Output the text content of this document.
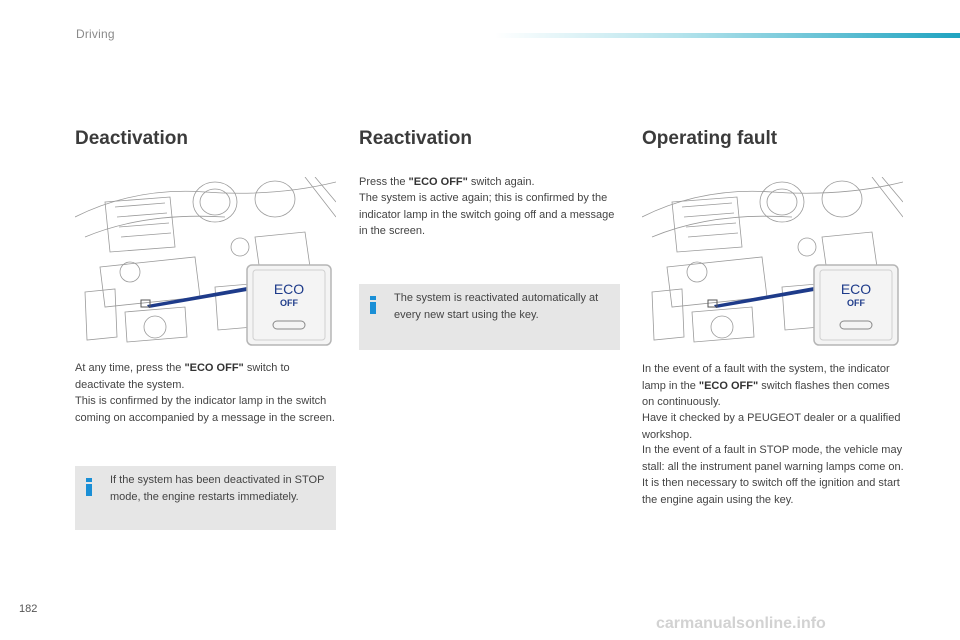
Driving
Deactivation
ECO
OFF
At any time, press the "ECO OFF" switch to deactivate the system.
This is confirmed by the indicator lamp in the switch coming on accompanied by a message in the screen.
If the system has been deactivated in STOP mode, the engine restarts immediately.
Reactivation
Press the "ECO OFF" switch again.
The system is active again; this is confirmed by the indicator lamp in the switch going off and a message in the screen.
The system is reactivated automatically at every new start using the key.
Operating fault
ECO
OFF
In the event of a fault with the system, the indicator lamp in the "ECO OFF" switch flashes then comes on continuously.
Have it checked by a PEUGEOT dealer or a qualified workshop.
In the event of a fault in STOP mode, the vehicle may stall: all the instrument panel warning lamps come on. It is then necessary to switch off the ignition and start the engine again using the key.
182
carmanualsonline.info
